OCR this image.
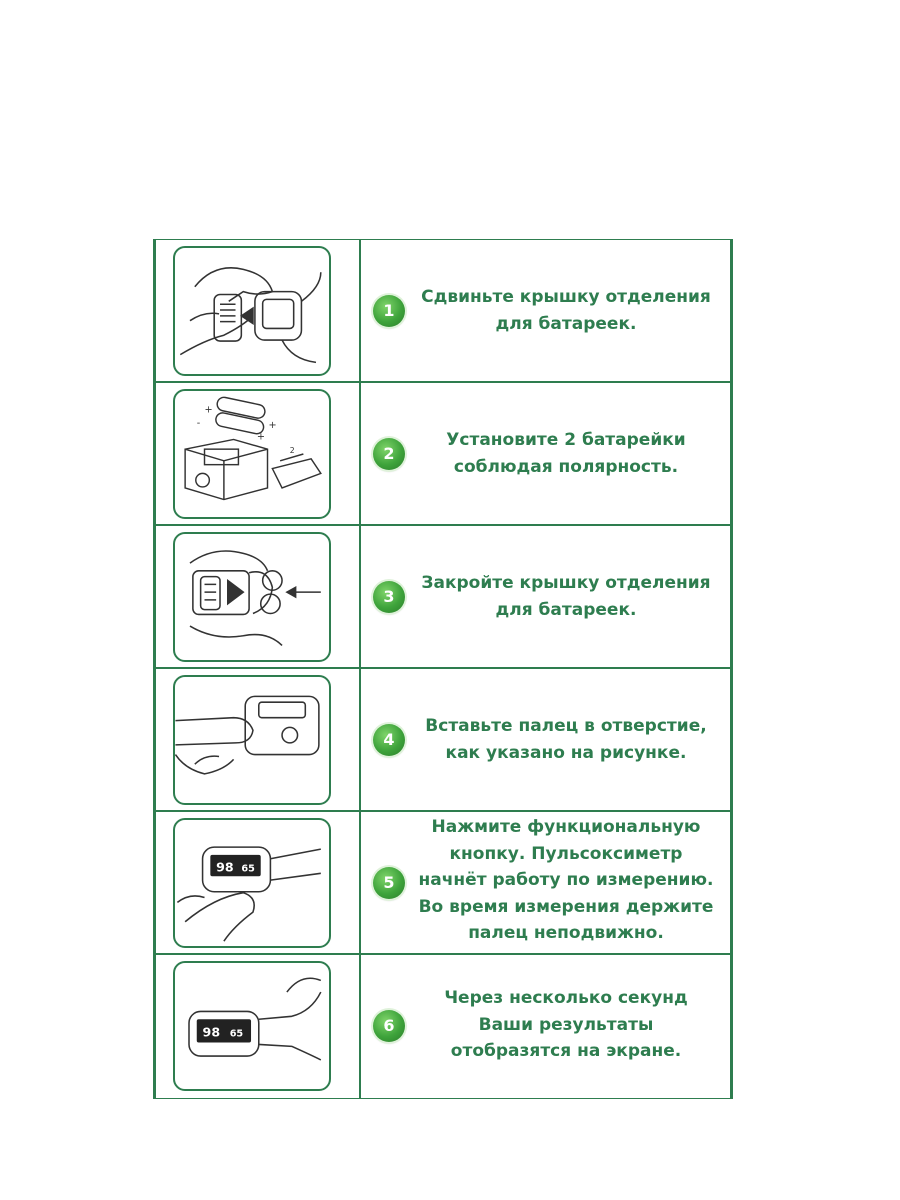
1
Сдвиньте крышку отделения
для батареек.
+
+
+
-
2	2
Установите 2 батарейки
соблюдая полярность.
3
Закройте крышку отделения
для батареек.
4
Вставьте палец в отверстие,
как указано на рисунке.
98 65
5
Нажмите функциональную
кнопку. Пульсоксиметр
начнёт работу по измерению.
Во время измерения держите
палец неподвижно.
98 65	6
Через несколько секунд
Ваши результаты
отобразятся на экране.
